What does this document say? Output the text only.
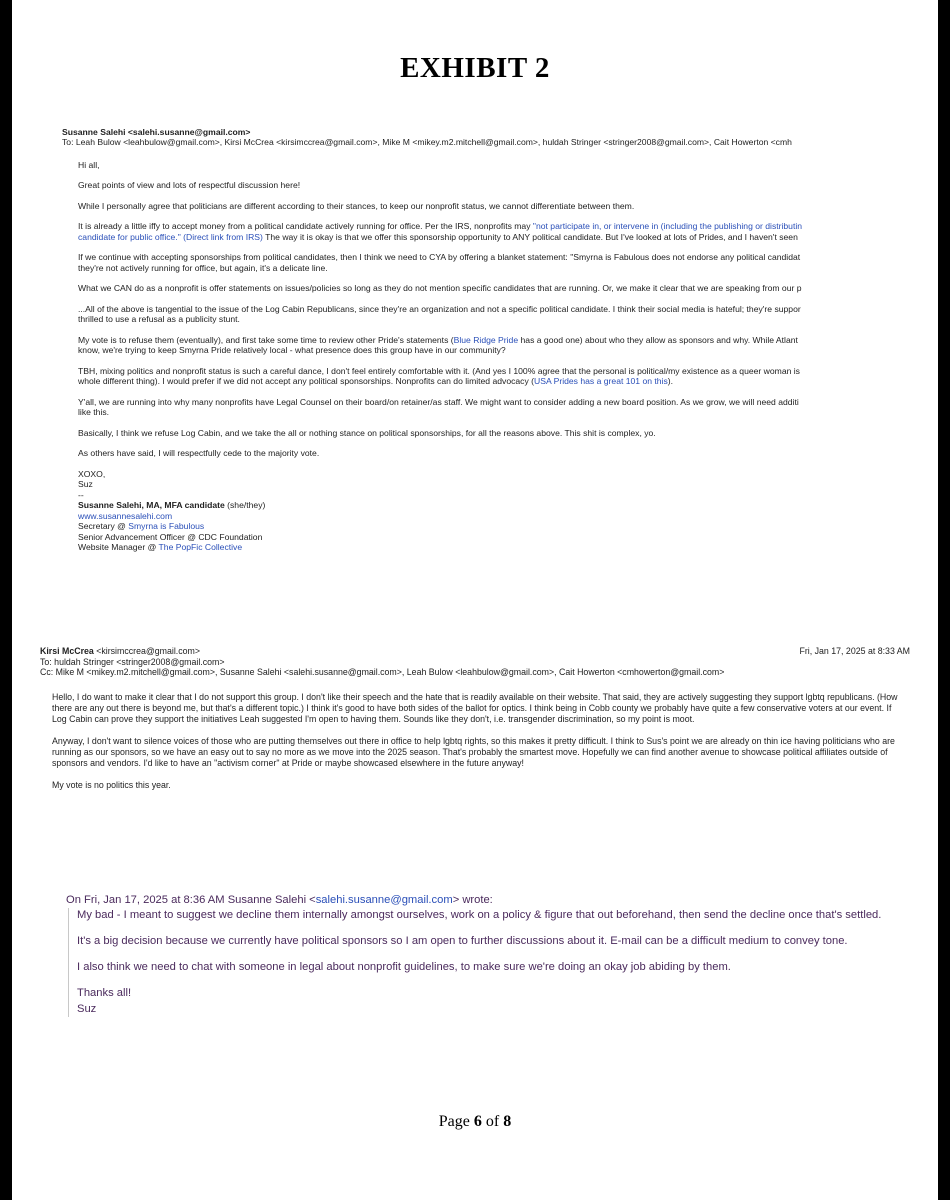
EXHIBIT 2
Susanne Salehi <salehi.susanne@gmail.com>
To: Leah Bulow <leahbulow@gmail.com>, Kirsi McCrea <kirsimccrea@gmail.com>, Mike M <mikey.m2.mitchell@gmail.com>, huldah Stringer <stringer2008@gmail.com>, Cait Howerton <cmh

Hi all,

Great points of view and lots of respectful discussion here!

While I personally agree that politicians are different according to their stances, to keep our nonprofit status, we cannot differentiate between them.

It is already a little iffy to accept money from a political candidate actively running for office. Per the IRS, nonprofits may "not participate in, or intervene in (including the publishing or distributin
candidate for public office." (Direct link from IRS) The way it is okay is that we offer this sponsorship opportunity to ANY political candidate. But I've looked at lots of Prides, and I haven't seen

If we continue with accepting sponsorships from political candidates, then I think we need to CYA by offering a blanket statement: "Smyrna is Fabulous does not endorse any political candidat
they're not actively running for office, but again, it's a delicate line.

What we CAN do as a nonprofit is offer statements on issues/policies so long as they do not mention specific candidates that are running. Or, we make it clear that we are speaking from our p

...All of the above is tangential to the issue of the Log Cabin Republicans, since they're an organization and not a specific political candidate. I think their social media is hateful; they're suppor
thrilled to use a refusal as a publicity stunt.

My vote is to refuse them (eventually), and first take some time to review other Pride's statements (Blue Ridge Pride has a good one) about who they allow as sponsors and why. While Atlant
know, we're trying to keep Smyrna Pride relatively local - what presence does this group have in our community?

TBH, mixing politics and nonprofit status is such a careful dance, I don't feel entirely comfortable with it. (And yes I 100% agree that the personal is political/my existence as a queer woman is
whole different thing). I would prefer if we did not accept any political sponsorships. Nonprofits can do limited advocacy (USA Prides has a great 101 on this).

Y'all, we are running into why many nonprofits have Legal Counsel on their board/on retainer/as staff. We might want to consider adding a new board position. As we grow, we will need additi
like this.

Basically, I think we refuse Log Cabin, and we take the all or nothing stance on political sponsorships, for all the reasons above. This shit is complex, yo.

As others have said, I will respectfully cede to the majority vote.

XOXO,
Suz
--
Susanne Salehi, MA, MFA candidate (she/they)
www.susannesalehi.com
Secretary @ Smyrna is Fabulous
Senior Advancement Officer @ CDC Foundation
Website Manager @ The PopFic Collective
Kirsi McCrea <kirsimccrea@gmail.com>	Fri, Jan 17, 2025 at 8:33 AM
To: huldah Stringer <stringer2008@gmail.com>
Cc: Mike M <mikey.m2.mitchell@gmail.com>, Susanne Salehi <salehi.susanne@gmail.com>, Leah Bulow <leahbulow@gmail.com>, Cait Howerton <cmhowerton@gmail.com>

Hello, I do want to make it clear that I do not support this group. I don't like their speech and the hate that is readily available on their website. That said, they are actively suggesting they support lgbtq republicans. (How there are any out there is beyond me, but that's a different topic.) I think it's good to have both sides of the ballot for optics. I think being in Cobb county we probably have quite a few conservative voters at our event. If Log Cabin can prove they support the initiatives Leah suggested I'm open to having them. Sounds like they don't, i.e. transgender discrimination, so my point is moot.

Anyway, I don't want to silence voices of those who are putting themselves out there in office to help lgbtq rights, so this makes it pretty difficult. I think to Sus's point we are already on thin ice having politicians who are running as our sponsors, so we have an easy out to say no more as we move into the 2025 season. That's probably the smartest move. Hopefully we can find another avenue to showcase political affiliates outside of sponsors and vendors. I'd like to have an "activism corner" at Pride or maybe showcased elsewhere in the future anyway!

My vote is no politics this year.

On Fri, Jan 17, 2025 at 8:36 AM Susanne Salehi <salehi.susanne@gmail.com> wrote:

My bad - I meant to suggest we decline them internally amongst ourselves, work on a policy & figure that out beforehand, then send the decline once that's settled.

It's a big decision because we currently have political sponsors so I am open to further discussions about it. E-mail can be a difficult medium to convey tone.

I also think we need to chat with someone in legal about nonprofit guidelines, to make sure we're doing an okay job abiding by them.

Thanks all!
Suz

Page 6 of 8
